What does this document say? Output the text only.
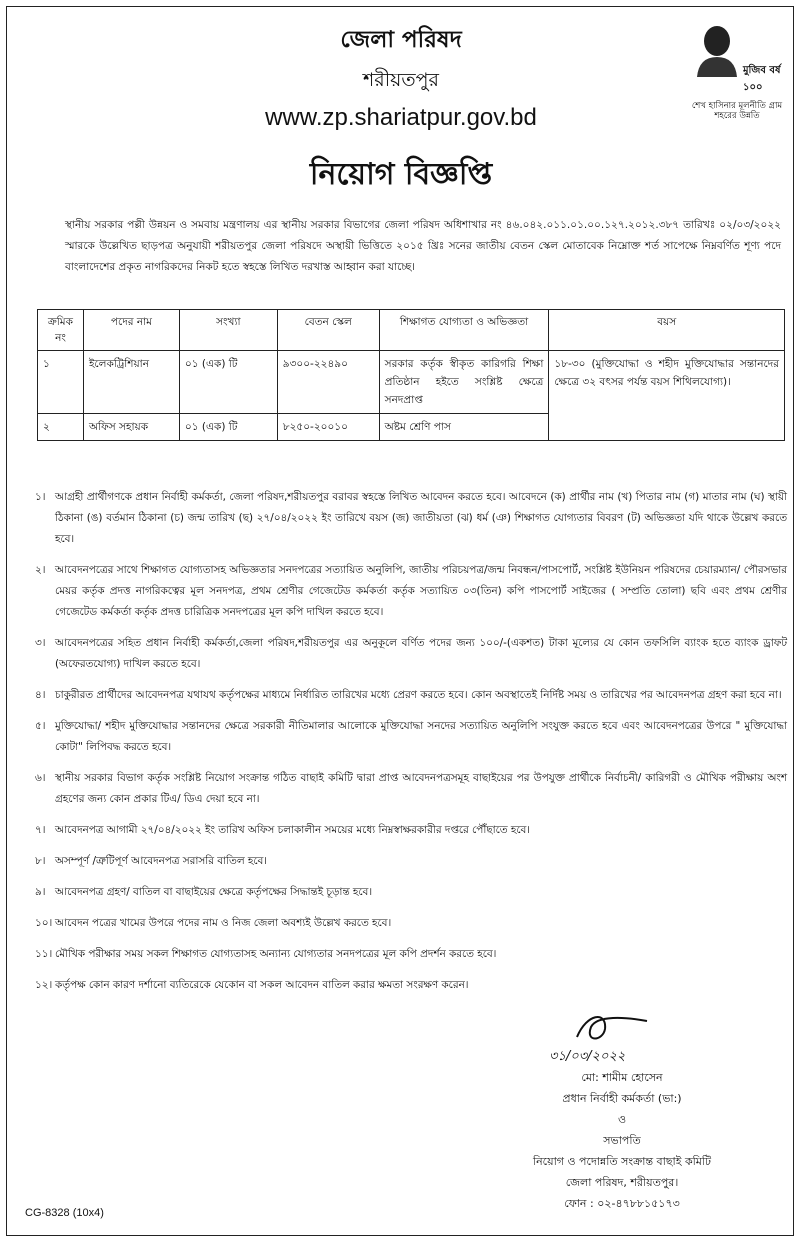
জেলা পরিষদ
শরীয়তপুর
www.zp.shariatpur.gov.bd
নিয়োগ বিজ্ঞপ্তি
মুজিব বর্ষ ১০০
শেখ হাসিনার মূলনীতি গ্রাম শহরের উন্নতি

স্থানীয় সরকার পল্লী উন্নয়ন ও সমবায় মন্ত্রণালয় এর স্থানীয় সরকার বিভাগের জেলা পরিষদ অধিশাখার নং ৪৬.০৪২.০১১.০১.০০.১২৭.২০১২.৩৮৭ তারিখঃ ০২/০৩/২০২২ স্মারকে উল্লেখিত ছাড়পত্র অনুযায়ী শরীয়তপুর জেলা পরিষদে অস্থায়ী ভিত্তিতে ২০১৫ খ্রিঃ সনের জাতীয় বেতন স্কেল মোতাবেক নিম্নোক্ত শর্ত সাপেক্ষে নিম্নবর্ণিত শূণ্য পদে বাংলাদেশের প্রকৃত নাগরিকদের নিকট হতে স্বহস্তে লিখিত দরখাস্ত আহ্বান করা যাচ্ছে।

ক্রমিক নং	পদের নাম	সংখ্যা	বেতন স্কেল	শিক্ষাগত যোগ্যতা ও অভিজ্ঞতা	বয়স
১	ইলেকট্রিশিয়ান	০১ (এক) টি	৯৩০০-২২৪৯০	সরকার কর্তৃক স্বীকৃত কারিগরি শিক্ষা প্রতিষ্ঠান হইতে সংশ্লিষ্ট ক্ষেত্রে সনদপ্রাপ্ত	১৮-৩০ (মুক্তিযোদ্ধা ও শহীদ মুক্তিযোদ্ধার সন্তানদের ক্ষেত্রে ৩২ বৎসর পর্যন্ত বয়স শিথিলযোগ্য)।
২	অফিস সহায়ক	০১ (এক) টি	৮২৫০-২০০১০	অষ্টম শ্রেণি পাস	
১। আগ্রহী প্রার্থীগণকে প্রধান নির্বাহী কর্মকর্তা, জেলা পরিষদ,শরীয়তপুর বরাবর স্বহস্তে লিখিত আবেদন করতে হবে। আবেদনে (ক) প্রার্থীর নাম (খ) পিতার নাম (গ) মাতার নাম (ঘ) স্থায়ী ঠিকানা (ঙ) বর্তমান ঠিকানা (চ) জন্ম তারিখ (ছ) ২৭/০৪/২০২২ ইং তারিখে বয়স (জ) জাতীয়তা (ঝ) ধর্ম (ঞ) শিক্ষাগত যোগ্যতার বিবরণ (ট) অভিজ্ঞতা যদি থাকে উল্লেখ করতে হবে।
২। আবেদনপত্রের সাথে শিক্ষাগত যোগ্যতাসহ অভিজ্ঞতার সনদপত্রের সত্যায়িত অনুলিপি, জাতীয় পরিচয়পত্র/জন্ম নিবন্ধন/পাসপোর্ট, সংশ্লিষ্ট ইউনিয়ন পরিষদের চেয়ারম্যান/ পৌরসভার মেয়র কর্তৃক প্রদত্ত নাগরিকত্বের মূল সনদপত্র, প্রথম শ্রেণীর গেজেটেড কর্মকর্তা কর্তৃক সত্যায়িত ০৩(তিন) কপি পাসপোর্ট সাইজের ( সম্প্রতি তোলা) ছবি এবং প্রথম শ্রেণীর গেজেটেড কর্মকর্তা কর্তৃক প্রদত্ত চারিত্রিক সনদপত্রের মূল কপি দাখিল করতে হবে।
৩। আবেদনপত্রের সহিত প্রধান নির্বাহী কর্মকর্তা,জেলা পরিষদ,শরীয়তপুর এর অনুকূলে বর্ণিত পদের জন্য ১০০/-(একশত) টাকা মূল্যের যে কোন তফসিলি ব্যাংক হতে ব্যাংক ড্রাফট (অফেরতযোগ্য) দাখিল করতে হবে।
৪। চাকুরীরত প্রার্থীদের আবেদনপত্র যথাযথ কর্তৃপক্ষের মাধ্যমে নির্ধারিত তারিখের মধ্যে প্রেরণ করতে হবে। কোন অবস্থাতেই নির্দিষ্ট সময় ও তারিখের পর আবেদনপত্র গ্রহণ করা হবে না।
৫। মুক্তিযোদ্ধা/ শহীদ মুক্তিযোদ্ধার সন্তানদের ক্ষেত্রে সরকারী নীতিমালার আলোকে মুক্তিযোদ্ধা সনদের সত্যায়িত অনুলিপি সংযুক্ত করতে হবে এবং আবেদনপত্রের উপরে " মুক্তিযোদ্ধা কোটা" লিপিবদ্ধ করতে হবে।
৬। স্থানীয় সরকার বিভাগ কর্তৃক সংশ্লিষ্ট নিয়োগ সংক্রান্ত গঠিত বাছাই কমিটি দ্বারা প্রাপ্ত আবেদনপত্রসমূহ বাছাইয়ের পর উপযুক্ত প্রার্থীকে নির্বাচনী/ কারিগরী ও মৌখিক পরীক্ষায় অংশ গ্রহণের জন্য কোন প্রকার টিএ/ ডিএ দেয়া হবে না।
৭। আবেদনপত্র আগামী ২৭/০৪/২০২২ ইং তারিখ অফিস চলাকালীন সময়ের মধ্যে নিম্নস্বাক্ষরকারীর দপ্তরে পৌঁছাতে হবে।
৮। অসম্পূর্ণ /ত্রুটিপূর্ণ আবেদনপত্র সরাসরি বাতিল হবে।
৯। আবেদনপত্র গ্রহণ/ বাতিল বা বাছাইয়ের ক্ষেত্রে কর্তৃপক্ষের সিদ্ধান্তই চূড়ান্ত হবে।
১০। আবেদন পত্রের খামের উপরে পদের নাম ও নিজ জেলা অবশ্যই উল্লেখ করতে হবে।
১১। মৌখিক পরীক্ষার সময় সকল শিক্ষাগত যোগ্যতাসহ অন্যান্য যোগ্যতার সনদপত্রের মূল কপি প্রদর্শন করতে হবে।
১২। কর্তৃপক্ষ কোন কারণ দর্শানো ব্যতিরেকে যেকোন বা সকল আবেদন বাতিল করার ক্ষমতা সংরক্ষণ করেন।
৩১/০৩/২০২২
মো: শামীম হোসেন
প্রধান নির্বাহী কর্মকর্তা (ভা:)
ও
সভাপতি
নিয়োগ ও পদোন্নতি সংক্রান্ত বাছাই কমিটি
জেলা পরিষদ, শরীয়তপুর।
ফোন : ০২-৪৭৮৮১৫১৭৩
CG-8328 (10x4)
